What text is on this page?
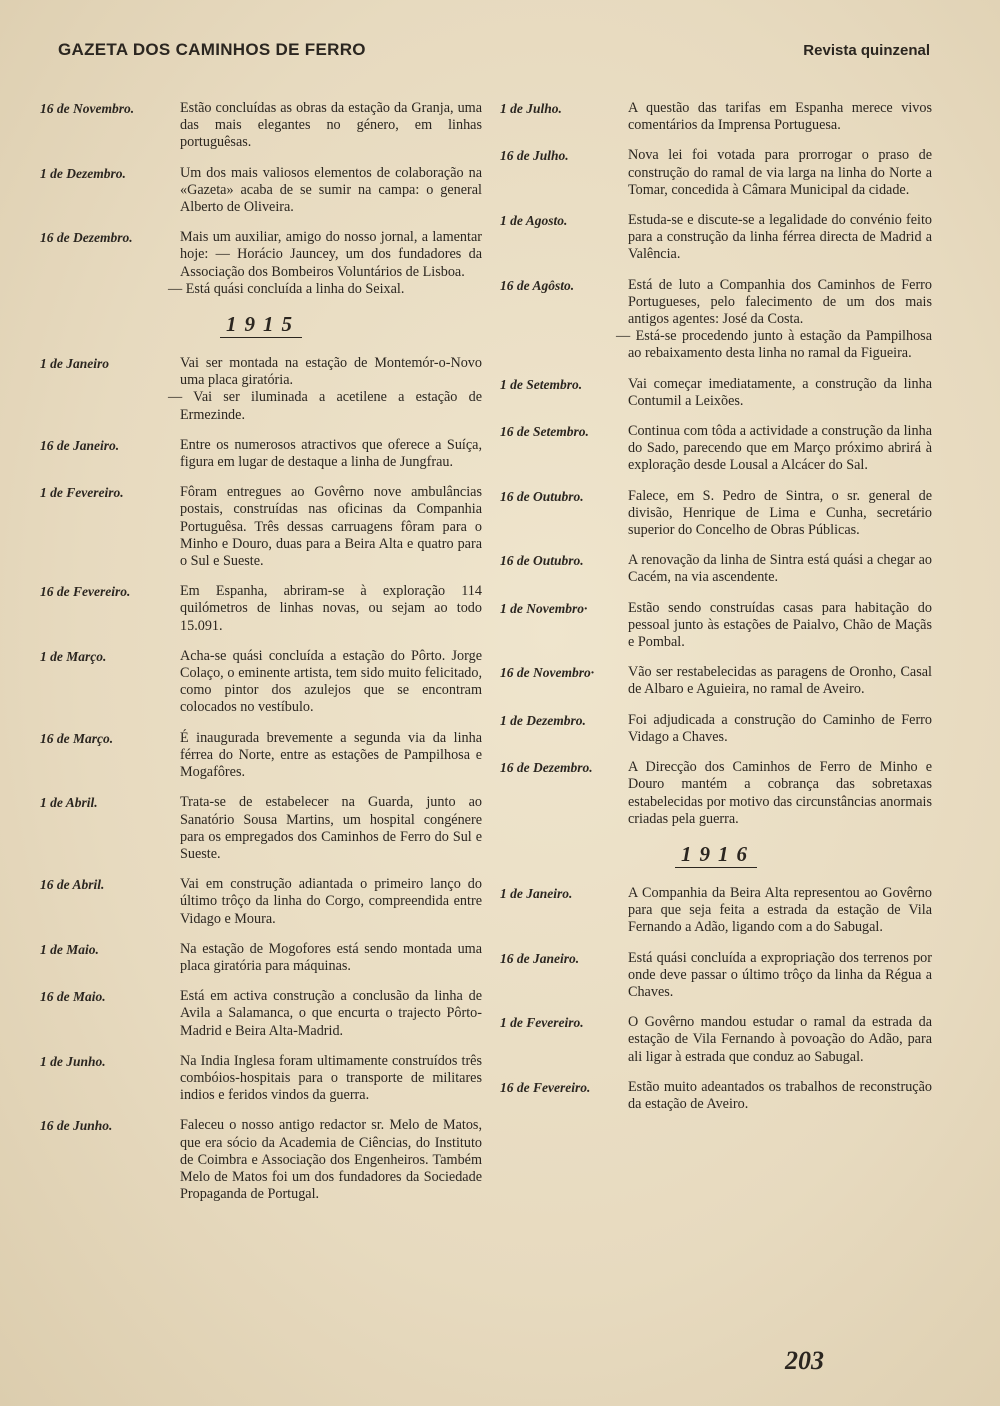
GAZETA DOS CAMINHOS DE FERRO	Revista quinzenal
16 de Novembro.	Estão concluídas as obras da estação da Granja, uma das mais elegantes no género, em linhas portuguêsas.
1 de Dezembro.	Um dos mais valiosos elementos de colaboração na «Gazeta» acaba de se sumir na campa: o general Alberto de Oliveira.
16 de Dezembro.	Mais um auxiliar, amigo do nosso jornal, a lamentar hoje: — Horácio Jauncey, um dos fundadores da Associação dos Bombeiros Voluntários de Lisboa.
— Está quási concluída a linha do Seixal.
1915
1 de Janeiro	Vai ser montada na estação de Montemór-o-Novo uma placa giratória.
— Vai ser iluminada a acetilene a estação de Ermezinde.
16 de Janeiro.	Entre os numerosos atractivos que oferece a Suíça, figura em lugar de destaque a linha de Jungfrau.
1 de Fevereiro.	Fôram entregues ao Govêrno nove ambulâncias postais, construídas nas oficinas da Companhia Portuguêsa. Três dessas carruagens fôram para o Minho e Douro, duas para a Beira Alta e quatro para o Sul e Sueste.
16 de Fevereiro.	Em Espanha, abriram-se à exploração 114 quilómetros de linhas novas, ou sejam ao todo 15.091.
1 de Março.	Acha-se quási concluída a estação do Pôrto. Jorge Colaço, o eminente artista, tem sido muito felicitado, como pintor dos azulejos que se encontram colocados no vestíbulo.
16 de Março.	É inaugurada brevemente a segunda via da linha férrea do Norte, entre as estações de Pampilhosa e Mogafôres.
1 de Abril.	Trata-se de estabelecer na Guarda, junto ao Sanatório Sousa Martins, um hospital congénere para os empregados dos Caminhos de Ferro do Sul e Sueste.
16 de Abril.	Vai em construção adiantada o primeiro lanço do último trôço da linha do Corgo, compreendida entre Vidago e Moura.
1 de Maio.	Na estação de Mogofores está sendo montada uma placa giratória para máquinas.
16 de Maio.	Está em activa construção a conclusão da linha de Avila a Salamanca, o que encurta o trajecto Pôrto-Madrid e Beira Alta-Madrid.
1 de Junho.	Na India Inglesa foram ultimamente construídos três combóios-hospitais para o transporte de militares indios e feridos vindos da guerra.
16 de Junho.	Faleceu o nosso antigo redactor sr. Melo de Matos, que era sócio da Academia de Ciências, do Instituto de Coimbra e Associação dos Engenheiros. Também Melo de Matos foi um dos fundadores da Sociedade Propaganda de Portugal.
1 de Julho.	A questão das tarifas em Espanha merece vivos comentários da Imprensa Portuguesa.
16 de Julho.	Nova lei foi votada para prorrogar o praso de construção do ramal de via larga na linha do Norte a Tomar, concedida à Câmara Municipal da cidade.
1 de Agosto.	Estuda-se e discute-se a legalidade do convénio feito para a construção da linha férrea directa de Madrid a Valência.
16 de Agôsto.	Está de luto a Companhia dos Caminhos de Ferro Portugueses, pelo falecimento de um dos mais antigos agentes: José da Costa.
— Está-se procedendo junto à estação da Pampilhosa ao rebaixamento desta linha no ramal da Figueira.
1 de Setembro.	Vai começar imediatamente, a construção da linha Contumil a Leixões.
16 de Setembro.	Continua com tôda a actividade a construção da linha do Sado, parecendo que em Março próximo abrirá à exploração desde Lousal a Alcácer do Sal.
16 de Outubro.	Falece, em S. Pedro de Sintra, o sr. general de divisão, Henrique de Lima e Cunha, secretário superior do Concelho de Obras Públicas.
16 de Outubro.	A renovação da linha de Sintra está quási a chegar ao Cacém, na via ascendente.
1 de Novembro·	Estão sendo construídas casas para habitação do pessoal junto às estações de Paialvo, Chão de Maçãs e Pombal.
16 de Novembro·	Vão ser restabelecidas as paragens de Oronho, Casal de Albaro e Aguieira, no ramal de Aveiro.
1 de Dezembro.	Foi adjudicada a construção do Caminho de Ferro Vidago a Chaves.
16 de Dezembro.	A Direcção dos Caminhos de Ferro de Minho e Douro mantém a cobrança das sobretaxas estabelecidas por motivo das circunstâncias anormais criadas pela guerra.
1916
1 de Janeiro.	A Companhia da Beira Alta representou ao Govêrno para que seja feita a estrada da estação de Vila Fernando a Adão, ligando com a do Sabugal.
16 de Janeiro.	Está quási concluída a expropriação dos terrenos por onde deve passar o último trôço da linha da Régua a Chaves.
1 de Fevereiro.	O Govêrno mandou estudar o ramal da estrada da estação de Vila Fernando à povoação do Adão, para ali ligar à estrada que conduz ao Sabugal.
16 de Fevereiro.	Estão muito adeantados os trabalhos de reconstrução da estação de Aveiro.
203
